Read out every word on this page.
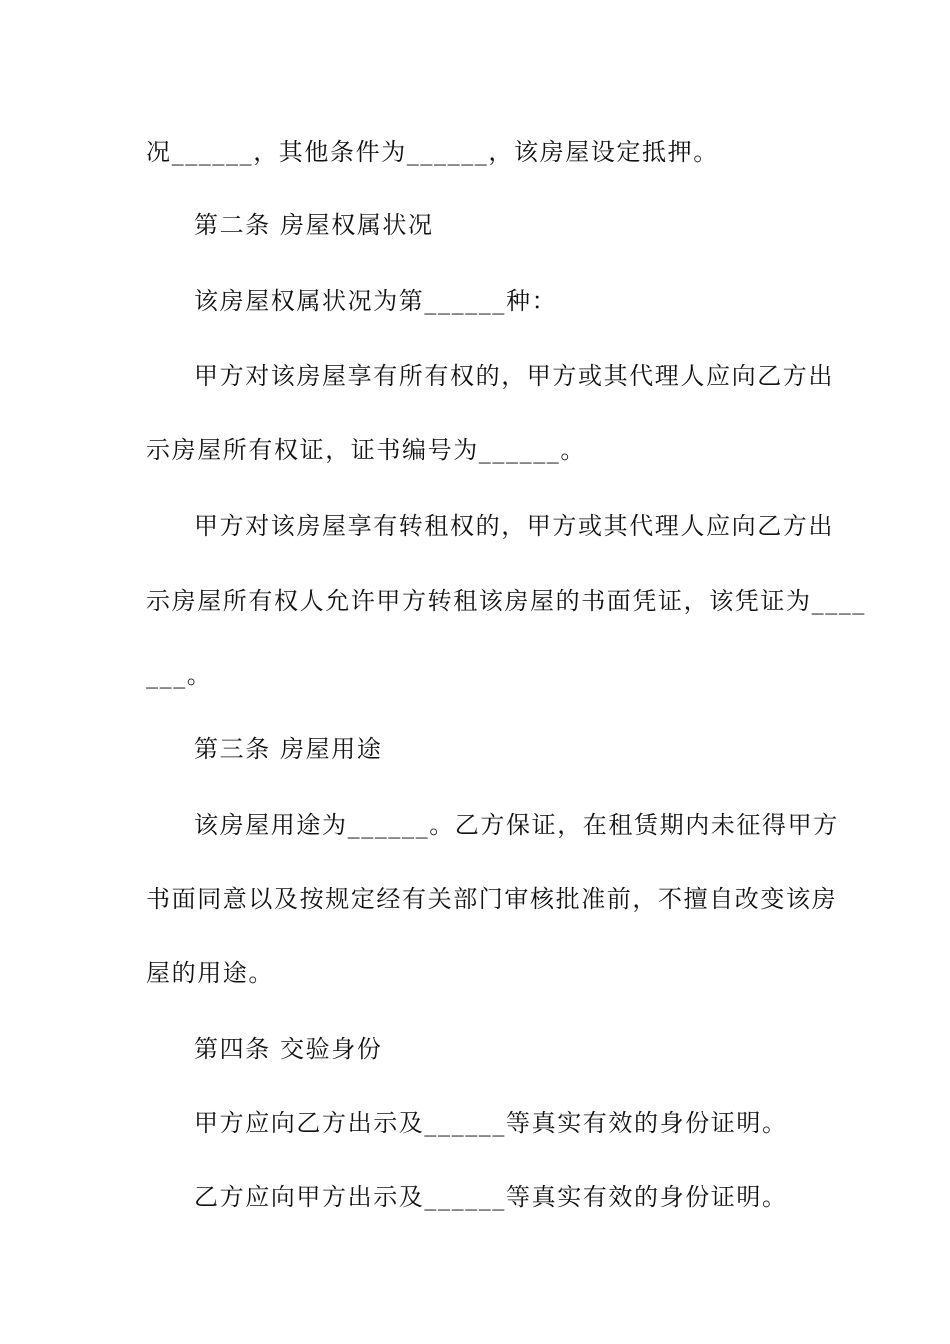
况______，其他条件为______，该房屋设定抵押。
第二条 房屋权属状况
该房屋权属状况为第______种：
甲方对该房屋享有所有权的，甲方或其代理人应向乙方出
示房屋所有权证，证书编号为______。
甲方对该房屋享有转租权的，甲方或其代理人应向乙方出
示房屋所有权人允许甲方转租该房屋的书面凭证，该凭证为____
___。
第三条 房屋用途
该房屋用途为______。乙方保证，在租赁期内未征得甲方
书面同意以及按规定经有关部门审核批准前，不擅自改变该房
屋的用途。
第四条 交验身份
甲方应向乙方出示及______等真实有效的身份证明。
乙方应向甲方出示及______等真实有效的身份证明。
